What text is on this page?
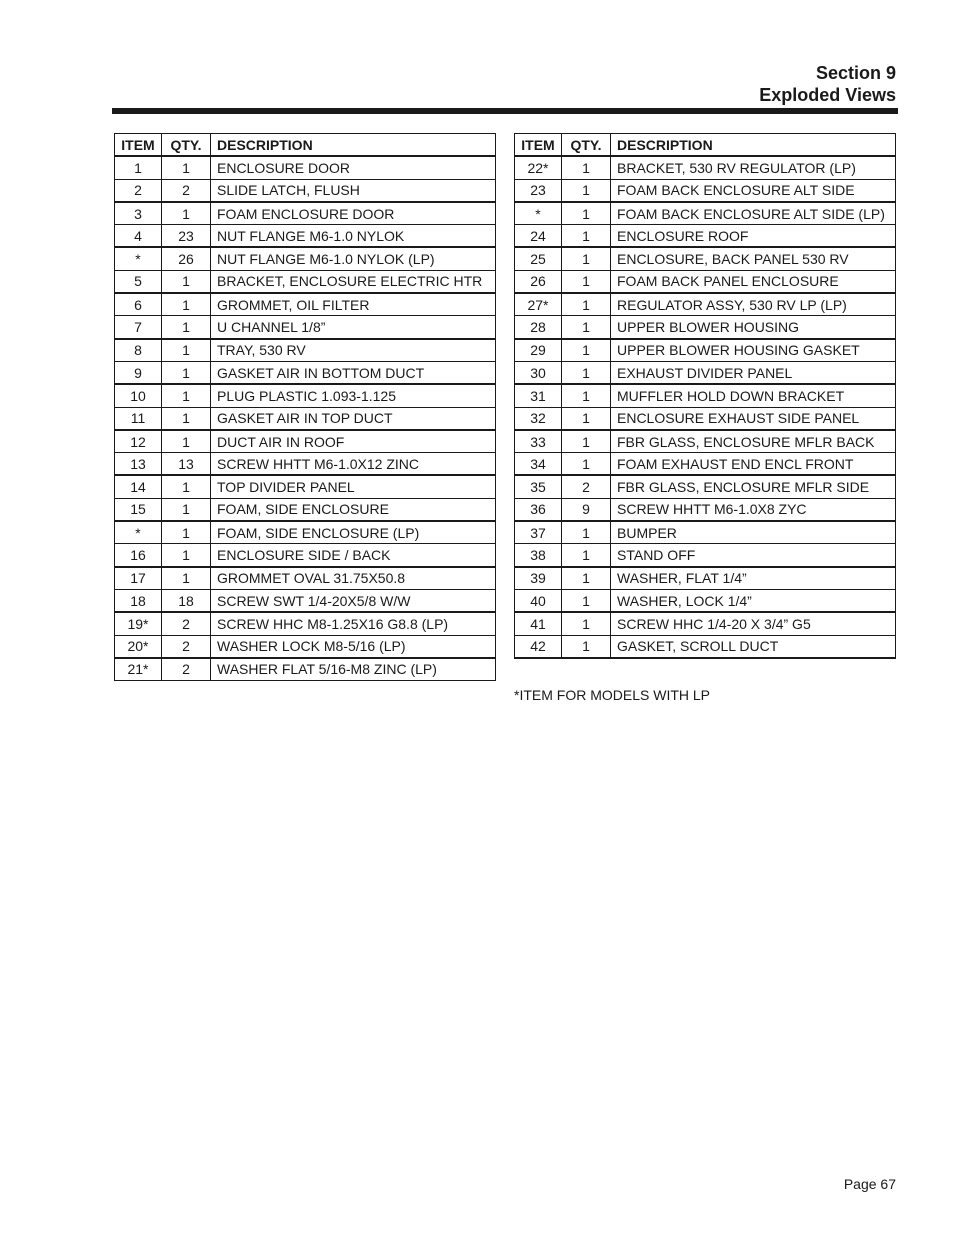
Section 9
Exploded Views
ITEM	QTY.	DESCRIPTION
1	1	ENCLOSURE DOOR
2	2	SLIDE LATCH, FLUSH
3	1	FOAM ENCLOSURE DOOR
4	23	NUT FLANGE M6-1.0 NYLOK
*	26	NUT FLANGE M6-1.0 NYLOK (LP)
5	1	BRACKET, ENCLOSURE ELECTRIC HTR
6	1	GROMMET, OIL FILTER
7	1	U CHANNEL 1/8”
8	1	TRAY, 530 RV
9	1	GASKET AIR IN BOTTOM DUCT
10	1	PLUG PLASTIC 1.093-1.125
11	1	GASKET AIR IN TOP DUCT
12	1	DUCT AIR IN ROOF
13	13	SCREW HHTT M6-1.0X12 ZINC
14	1	TOP DIVIDER PANEL
15	1	FOAM, SIDE ENCLOSURE
*	1	FOAM, SIDE ENCLOSURE (LP)
16	1	ENCLOSURE SIDE / BACK
17	1	GROMMET OVAL 31.75X50.8
18	18	SCREW SWT 1/4-20X5/8 W/W
19*	2	SCREW HHC M8-1.25X16 G8.8 (LP)
20*	2	WASHER LOCK M8-5/16 (LP)
21*	2	WASHER FLAT 5/16-M8 ZINC (LP)
ITEM	QTY.	DESCRIPTION
22*	1	BRACKET, 530 RV REGULATOR (LP)
23	1	FOAM BACK ENCLOSURE ALT SIDE
*	1	FOAM BACK ENCLOSURE ALT SIDE (LP)
24	1	ENCLOSURE ROOF
25	1	ENCLOSURE, BACK PANEL 530 RV
26	1	FOAM BACK PANEL ENCLOSURE
27*	1	REGULATOR ASSY, 530 RV LP (LP)
28	1	UPPER BLOWER HOUSING
29	1	UPPER BLOWER HOUSING GASKET
30	1	EXHAUST DIVIDER PANEL
31	1	MUFFLER HOLD DOWN BRACKET
32	1	ENCLOSURE EXHAUST SIDE PANEL
33	1	FBR GLASS, ENCLOSURE MFLR BACK
34	1	FOAM EXHAUST END ENCL FRONT
35	2	FBR GLASS, ENCLOSURE MFLR SIDE
36	9	SCREW HHTT M6-1.0X8 ZYC
37	1	BUMPER
38	1	STAND OFF
39	1	WASHER, FLAT 1/4”
40	1	WASHER, LOCK 1/4”
41	1	SCREW HHC 1/4-20 X 3/4” G5
42	1	GASKET, SCROLL DUCT
*ITEM FOR MODELS WITH LP
Page 67
